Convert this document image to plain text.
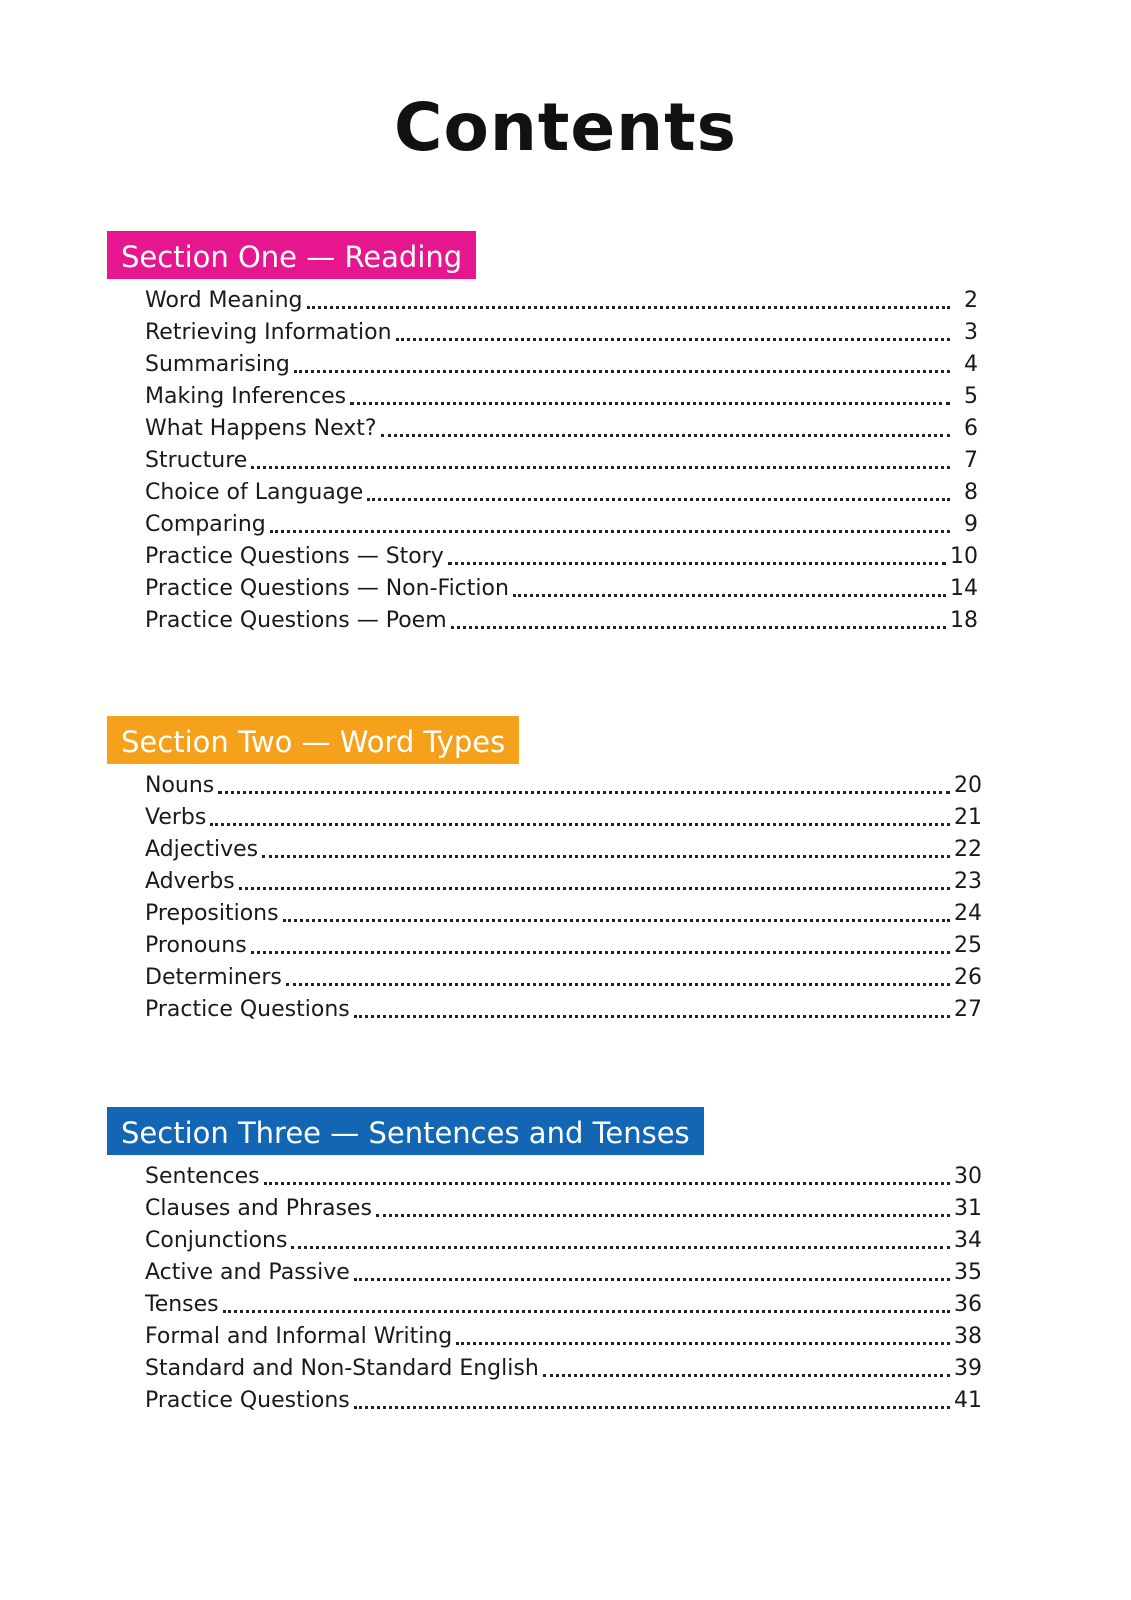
Contents
Section One — Reading
Word Meaning	2
Retrieving Information	3
Summarising	4
Making Inferences	5
What Happens Next?	6
Structure	7
Choice of Language	8
Comparing	9
Practice Questions — Story	10
Practice Questions — Non-Fiction	14
Practice Questions — Poem	18
Section Two — Word Types
Nouns	20
Verbs	21
Adjectives	22
Adverbs	23
Prepositions	24
Pronouns	25
Determiners	26
Practice Questions	27
Section Three — Sentences and Tenses
Sentences	30
Clauses and Phrases	31
Conjunctions	34
Active and Passive	35
Tenses	36
Formal and Informal Writing	38
Standard and Non-Standard English	39
Practice Questions	41
